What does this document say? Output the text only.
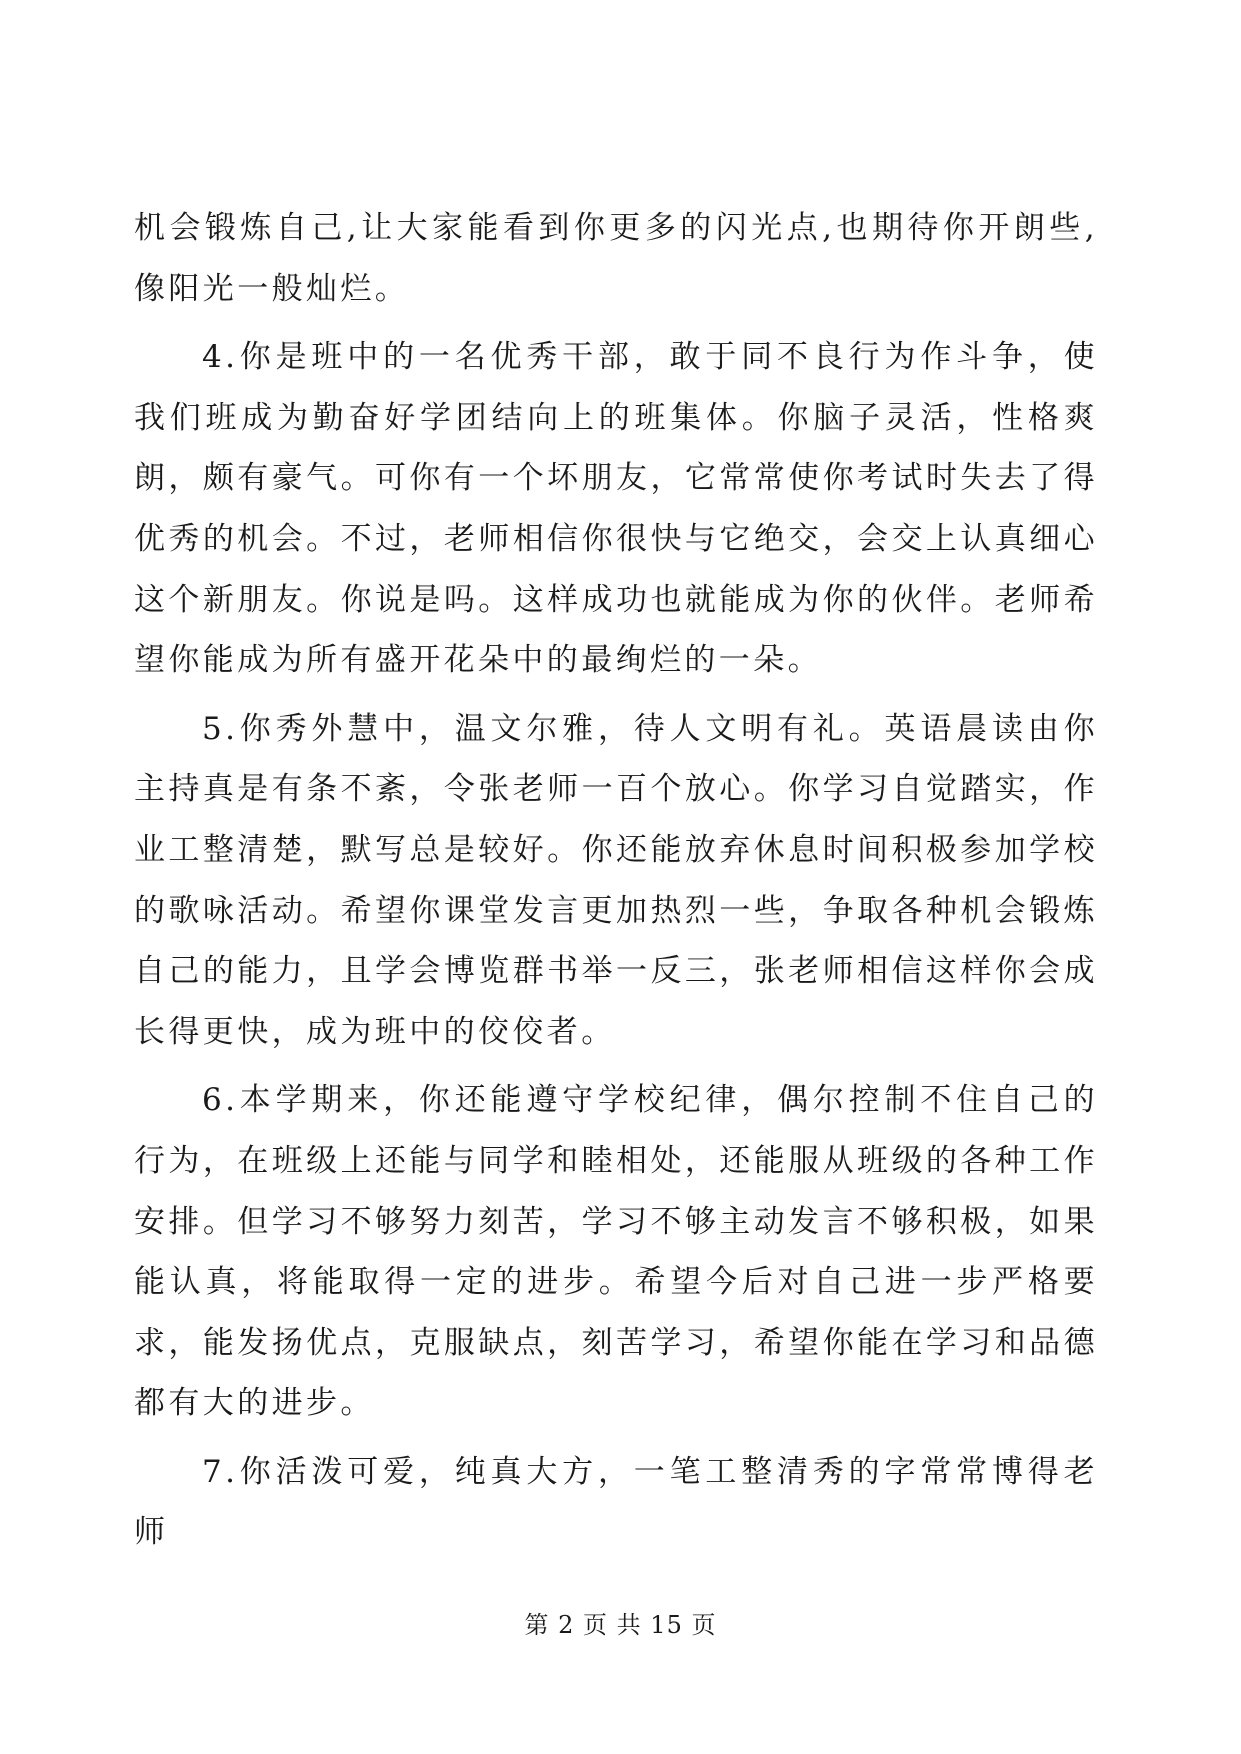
机会锻炼自己,让大家能看到你更多的闪光点,也期待你开朗些,像阳光一般灿烂。

4.你是班中的一名优秀干部，敢于同不良行为作斗争，使我们班成为勤奋好学团结向上的班集体。你脑子灵活，性格爽朗，颇有豪气。可你有一个坏朋友，它常常使你考试时失去了得优秀的机会。不过，老师相信你很快与它绝交，会交上认真细心这个新朋友。你说是吗。这样成功也就能成为你的伙伴。老师希望你能成为所有盛开花朵中的最绚烂的一朵。

5.你秀外慧中，温文尔雅，待人文明有礼。英语晨读由你主持真是有条不紊，令张老师一百个放心。你学习自觉踏实，作业工整清楚，默写总是较好。你还能放弃休息时间积极参加学校的歌咏活动。希望你课堂发言更加热烈一些，争取各种机会锻炼自己的能力，且学会博览群书举一反三，张老师相信这样你会成长得更快，成为班中的佼佼者。

6.本学期来，你还能遵守学校纪律，偶尔控制不住自己的行为，在班级上还能与同学和睦相处，还能服从班级的各种工作安排。但学习不够努力刻苦，学习不够主动发言不够积极，如果能认真，将能取得一定的进步。希望今后对自己进一步严格要求，能发扬优点，克服缺点，刻苦学习，希望你能在学习和品德都有大的进步。

7.你活泼可爱，纯真大方，一笔工整清秀的字常常博得老师

第 2 页 共 15 页
